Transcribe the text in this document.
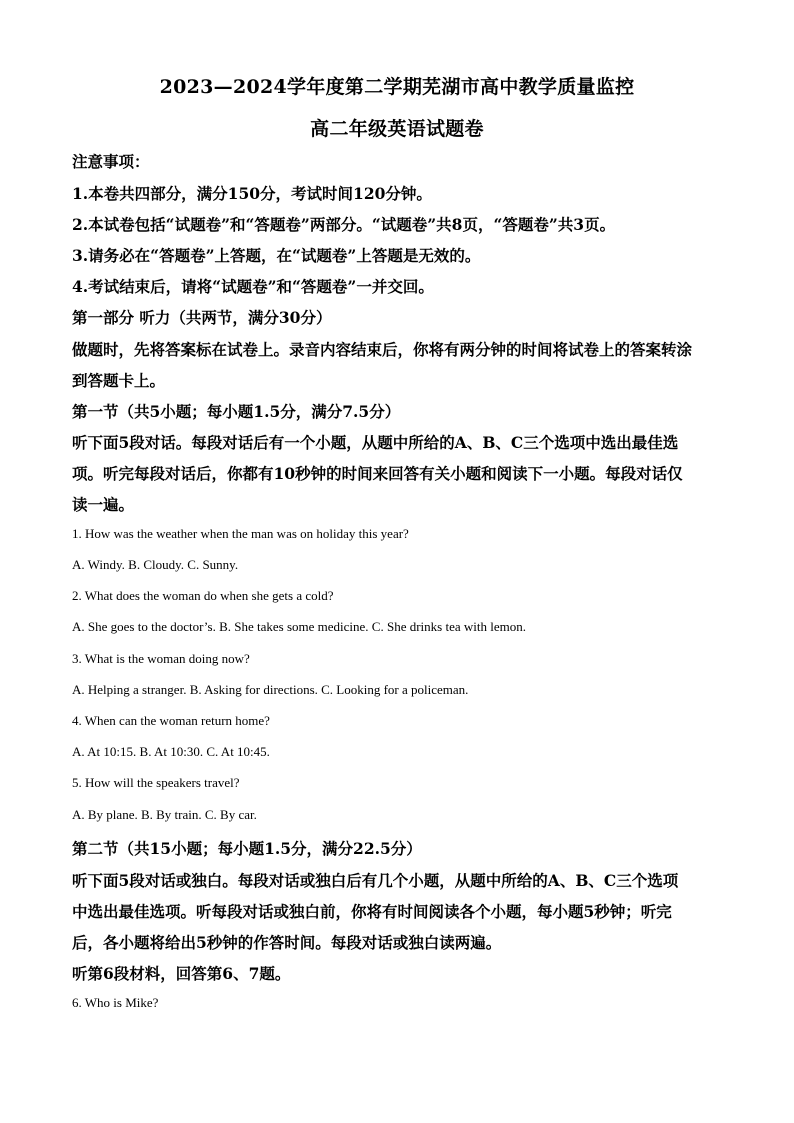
2023—2024学年度第二学期芜湖市高中教学质量监控
高二年级英语试题卷
注意事项：
1.本卷共四部分，满分150分，考试时间120分钟。
2.本试卷包括“试题卷”和“答题卷”两部分。“试题卷”共8页，“答题卷”共3页。
3.请务必在“答题卷”上答题，在“试题卷”上答题是无效的。
4.考试结束后，请将“试题卷”和“答题卷”一并交回。
第一部分 听力（共两节，满分30分）
做题时，先将答案标在试卷上。录音内容结束后，你将有两分钟的时间将试卷上的答案转涂
到答题卡上。
第一节（共5小题；每小题1.5分，满分7.5分）
听下面5段对话。每段对话后有一个小题，从题中所给的A、B、C三个选项中选出最佳选
项。听完每段对话后，你都有10秒钟的时间来回答有关小题和阅读下一小题。每段对话仅
读一遍。
1. How was the weather when the man was on holiday this year?
A. Windy. B. Cloudy. C. Sunny.
2. What does the woman do when she gets a cold?
A. She goes to the doctor’s. B. She takes some medicine. C. She drinks tea with lemon.
3. What is the woman doing now?
A. Helping a stranger. B. Asking for directions. C. Looking for a policeman.
4. When can the woman return home?
A. At 10:15. B. At 10:30. C. At 10:45.
5. How will the speakers travel?
A. By plane. B. By train. C. By car.
第二节（共15小题；每小题1.5分，满分22.5分）
听下面5段对话或独白。每段对话或独白后有几个小题，从题中所给的A、B、C三个选项
中选出最佳选项。听每段对话或独白前，你将有时间阅读各个小题，每小题5秒钟；听完
后，各小题将给出5秒钟的作答时间。每段对话或独白读两遍。
听第6段材料，回答第6、7题。
6. Who is Mike?
